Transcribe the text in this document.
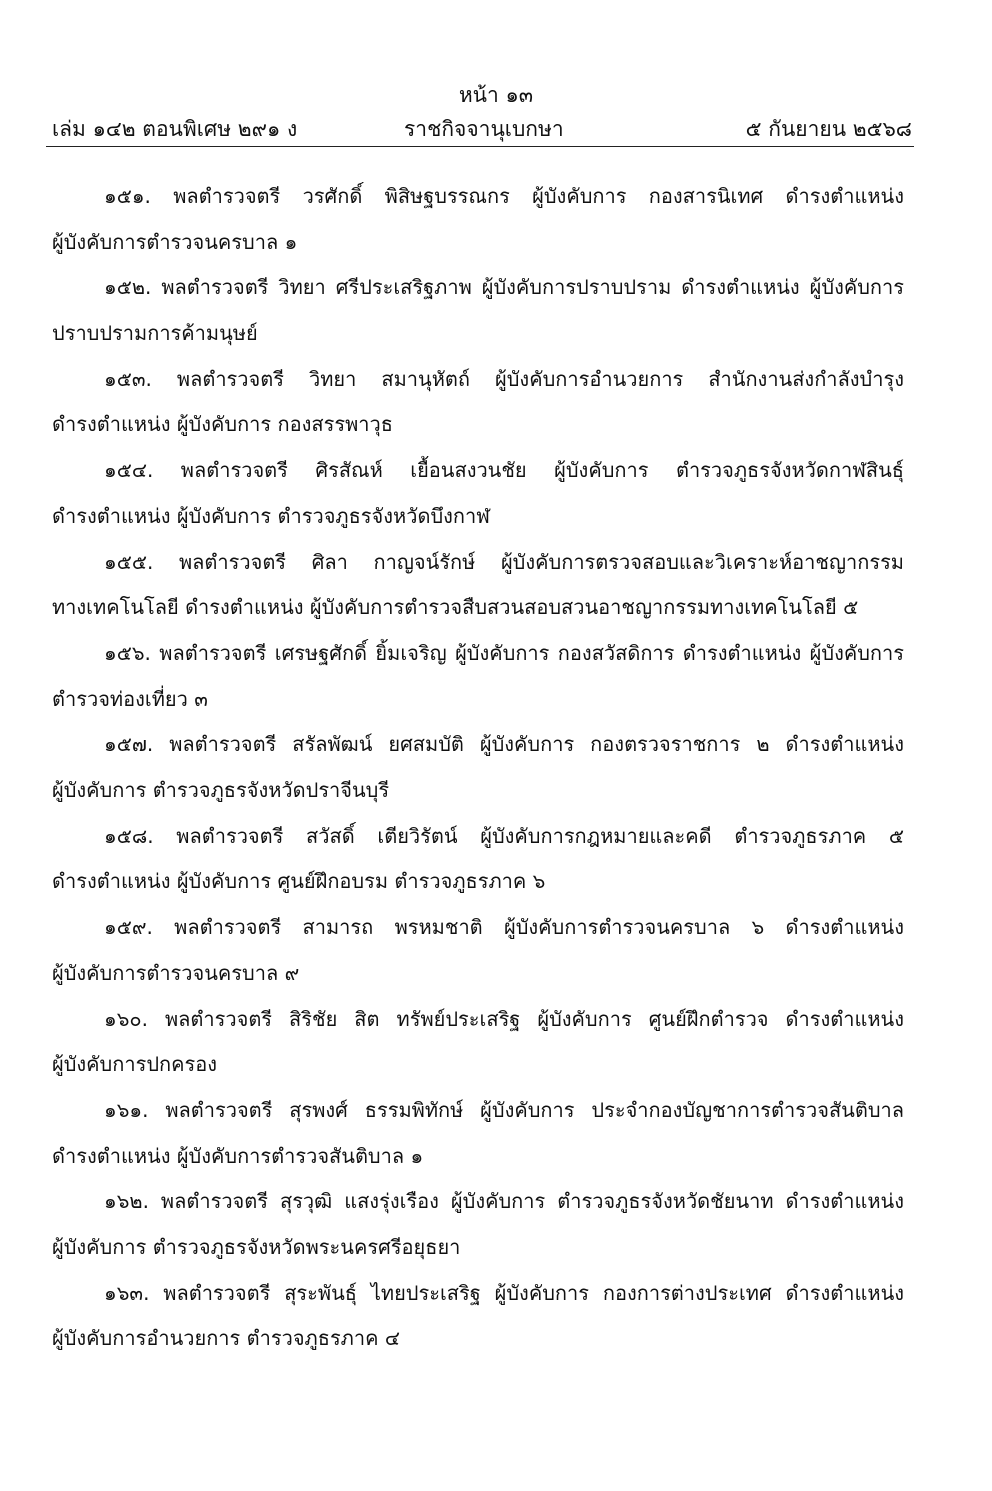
หน้า ๑๓
เล่ม ๑๔๒ ตอนพิเศษ ๒๙๑ ง	ราชกิจจานุเบกษา	๕ กันยายน ๒๕๖๘
๑๕๑. พลตำรวจตรี วรศักดิ์ พิสิษฐบรรณกร ผู้บังคับการ กองสารนิเทศ ดำรงตำแหน่ง
ผู้บังคับการตำรวจนครบาล ๑
๑๕๒. พลตำรวจตรี วิทยา ศรีประเสริฐภาพ ผู้บังคับการปราบปราม ดำรงตำแหน่ง ผู้บังคับการ
ปราบปรามการค้ามนุษย์
๑๕๓. พลตำรวจตรี วิทยา สมานุหัตถ์ ผู้บังคับการอำนวยการ สำนักงานส่งกำลังบำรุง
ดำรงตำแหน่ง ผู้บังคับการ กองสรรพาวุธ
๑๕๔. พลตำรวจตรี ศิรสัณห์ เยื้อนสงวนชัย ผู้บังคับการ ตำรวจภูธรจังหวัดกาฬสินธุ์
ดำรงตำแหน่ง ผู้บังคับการ ตำรวจภูธรจังหวัดบึงกาฬ
๑๕๕. พลตำรวจตรี ศิลา กาญจน์รักษ์ ผู้บังคับการตรวจสอบและวิเคราะห์อาชญากรรม
ทางเทคโนโลยี ดำรงตำแหน่ง ผู้บังคับการตำรวจสืบสวนสอบสวนอาชญากรรมทางเทคโนโลยี ๕
๑๕๖. พลตำรวจตรี เศรษฐศักดิ์ ยิ้มเจริญ ผู้บังคับการ กองสวัสดิการ ดำรงตำแหน่ง ผู้บังคับการ
ตำรวจท่องเที่ยว ๓
๑๕๗. พลตำรวจตรี สรัลพัฒน์ ยศสมบัติ ผู้บังคับการ กองตรวจราชการ ๒ ดำรงตำแหน่ง
ผู้บังคับการ ตำรวจภูธรจังหวัดปราจีนบุรี
๑๕๘. พลตำรวจตรี สวัสดิ์ เตียวิรัตน์ ผู้บังคับการกฎหมายและคดี ตำรวจภูธรภาค ๕
ดำรงตำแหน่ง ผู้บังคับการ ศูนย์ฝึกอบรม ตำรวจภูธรภาค ๖
๑๕๙. พลตำรวจตรี สามารถ พรหมชาติ ผู้บังคับการตำรวจนครบาล ๖ ดำรงตำแหน่ง
ผู้บังคับการตำรวจนครบาล ๙
๑๖๐. พลตำรวจตรี สิริชัย สิต ทรัพย์ประเสริฐ ผู้บังคับการ ศูนย์ฝึกตำรวจ ดำรงตำแหน่ง
ผู้บังคับการปกครอง
๑๖๑. พลตำรวจตรี สุรพงศ์ ธรรมพิทักษ์ ผู้บังคับการ ประจำกองบัญชาการตำรวจสันติบาล
ดำรงตำแหน่ง ผู้บังคับการตำรวจสันติบาล ๑
๑๖๒. พลตำรวจตรี สุรวุฒิ แสงรุ่งเรือง ผู้บังคับการ ตำรวจภูธรจังหวัดชัยนาท ดำรงตำแหน่ง
ผู้บังคับการ ตำรวจภูธรจังหวัดพระนครศรีอยุธยา
๑๖๓. พลตำรวจตรี สุระพันธุ์ ไทยประเสริฐ ผู้บังคับการ กองการต่างประเทศ ดำรงตำแหน่ง
ผู้บังคับการอำนวยการ ตำรวจภูธรภาค ๔
